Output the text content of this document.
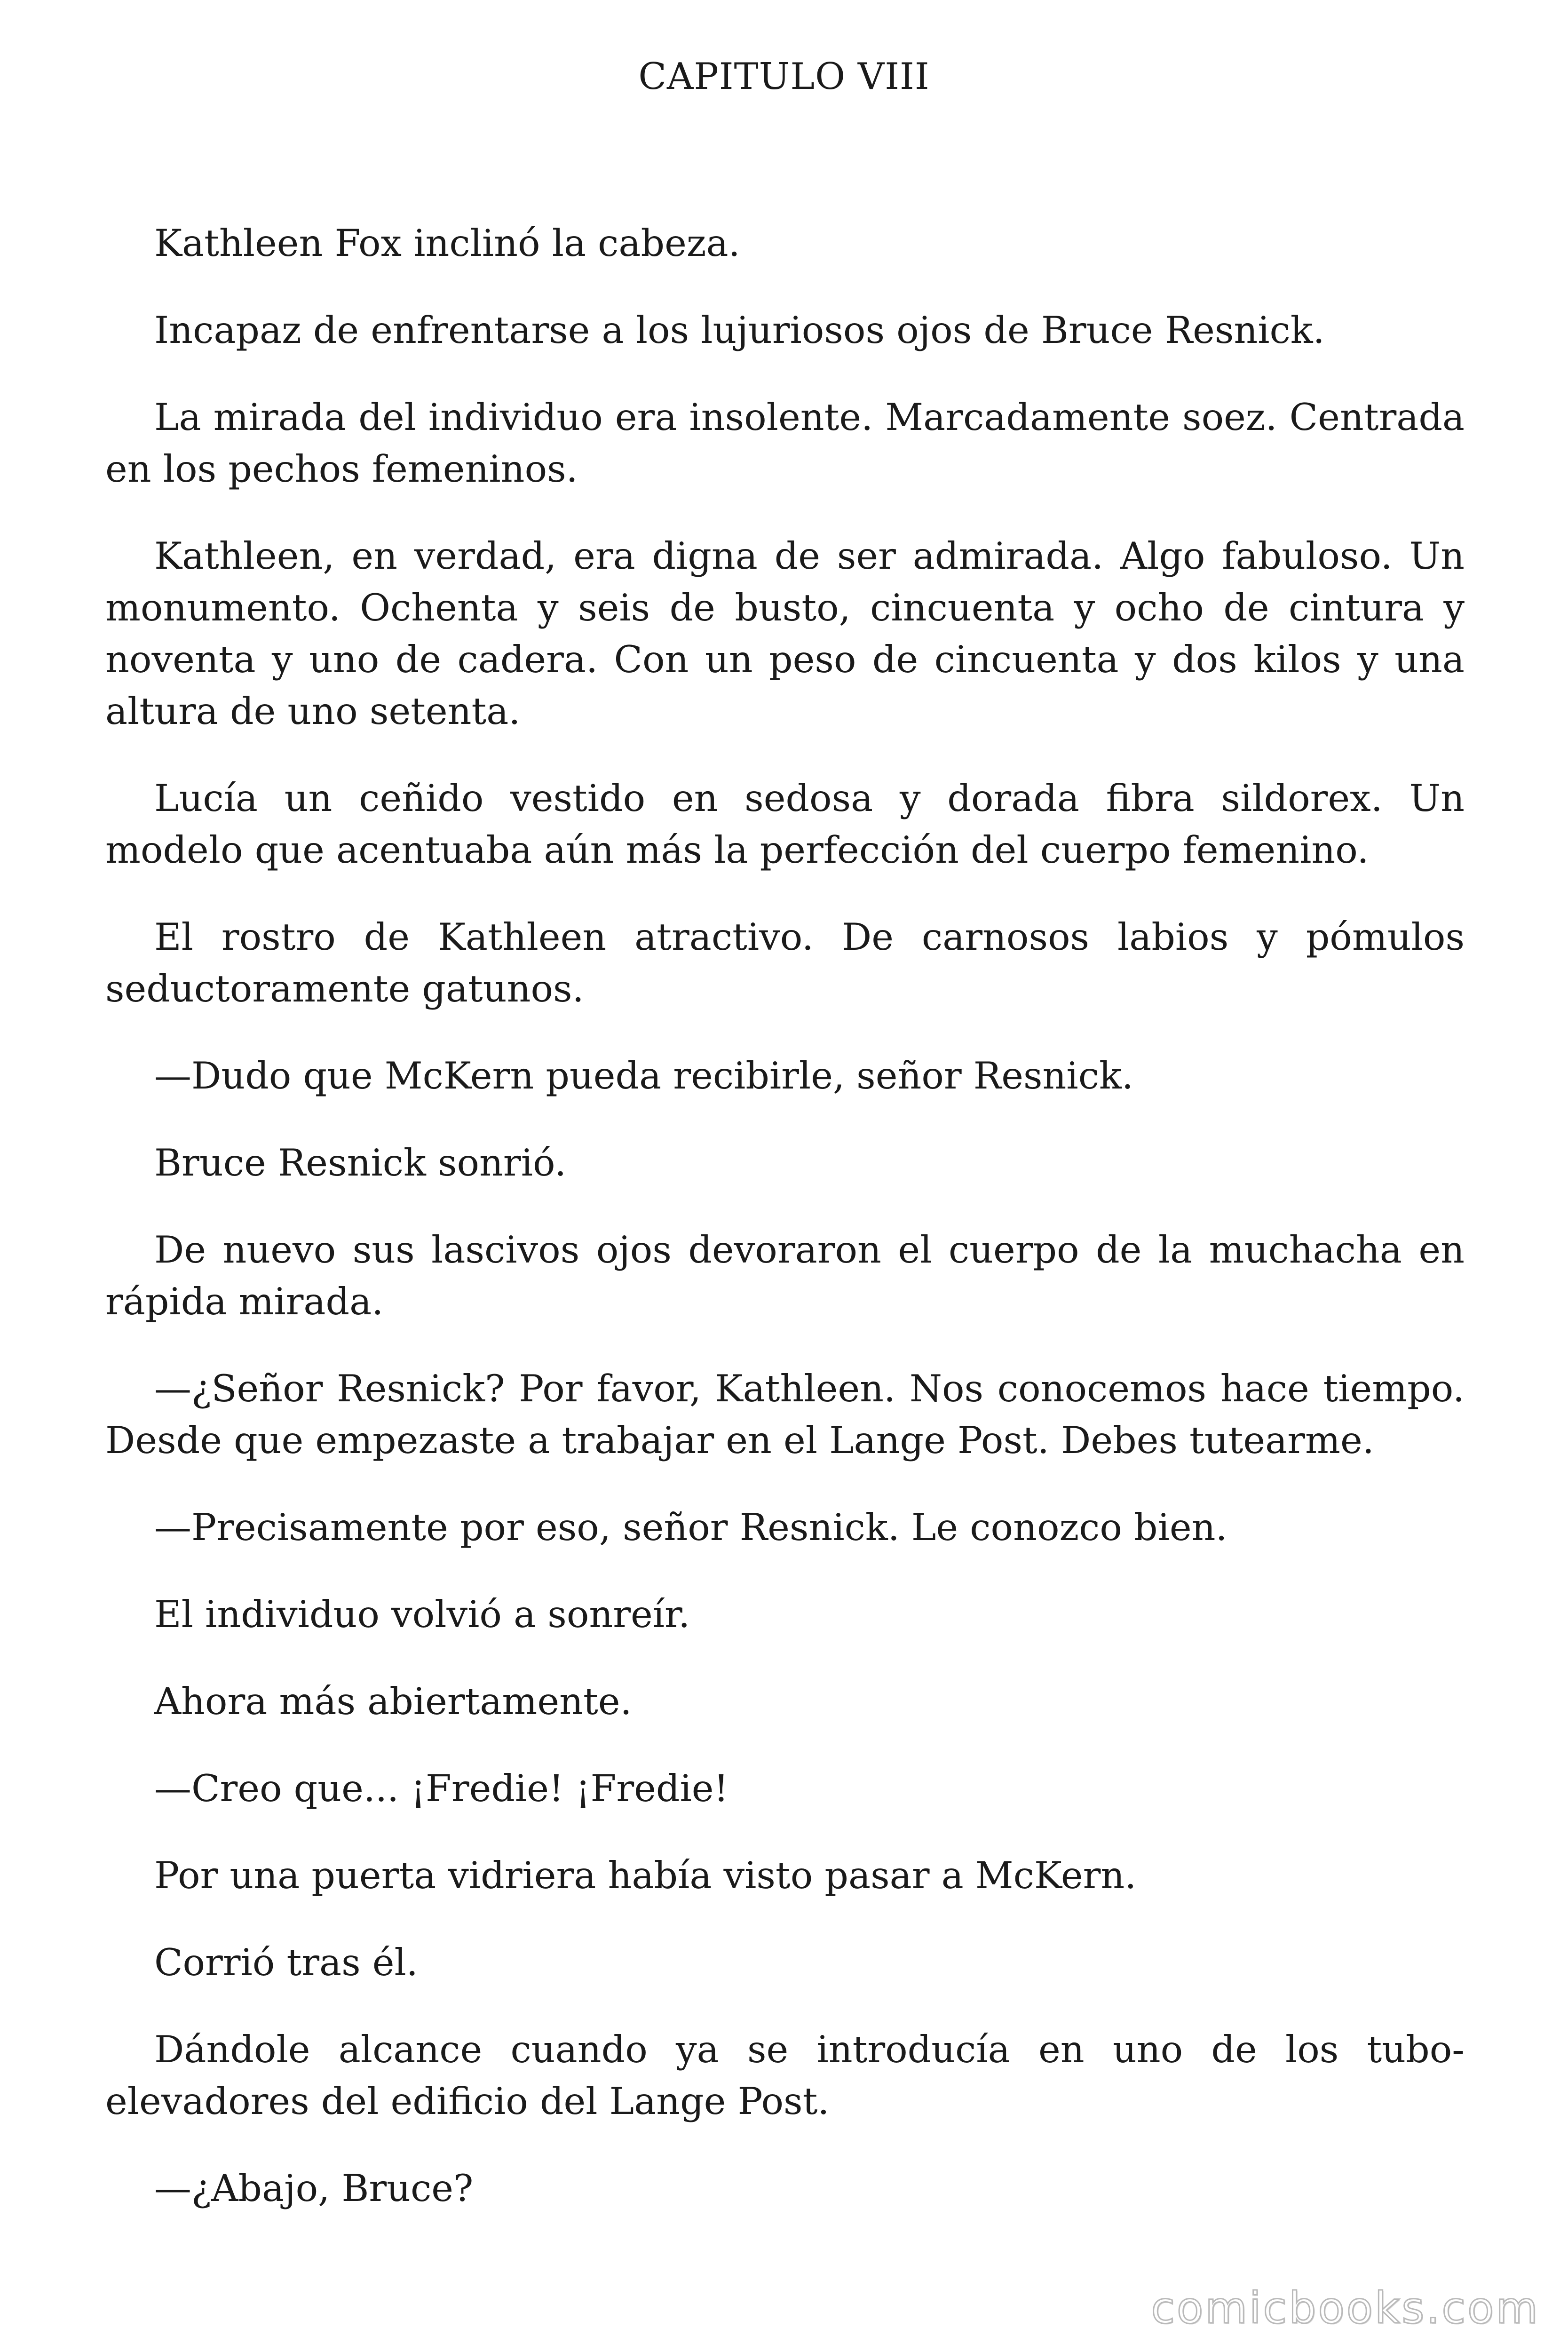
CAPITULO VIII

Kathleen Fox inclinó la cabeza.

Incapaz de enfrentarse a los lujuriosos ojos de Bruce Resnick.

La mirada del individuo era insolente. Marcadamente soez. Centrada en los pechos femeninos.

Kathleen, en verdad, era digna de ser admirada. Algo fabuloso. Un monumento. Ochenta y seis de busto, cincuenta y ocho de cintura y noventa y uno de cadera. Con un peso de cincuenta y dos kilos y una altura de uno setenta.

Lucía un ceñido vestido en sedosa y dorada fibra sildorex. Un modelo que acentuaba aún más la perfección del cuerpo femenino.

El rostro de Kathleen atractivo. De carnosos labios y pómulos seductoramente gatunos.

—Dudo que McKern pueda recibirle, señor Resnick.

Bruce Resnick sonrió.

De nuevo sus lascivos ojos devoraron el cuerpo de la muchacha en rápida mirada.

—¿Señor Resnick? Por favor, Kathleen. Nos conocemos hace tiempo. Desde que empezaste a trabajar en el Lange Post. Debes tutearme.

—Precisamente por eso, señor Resnick. Le conozco bien.

El individuo volvió a sonreír.

Ahora más abiertamente.

—Creo que... ¡Fredie! ¡Fredie!

Por una puerta vidriera había visto pasar a McKern.

Corrió tras él.

Dándole alcance cuando ya se introducía en uno de los tubo-elevadores del edificio del Lange Post.

—¿Abajo, Bruce?

comicbooks.com
